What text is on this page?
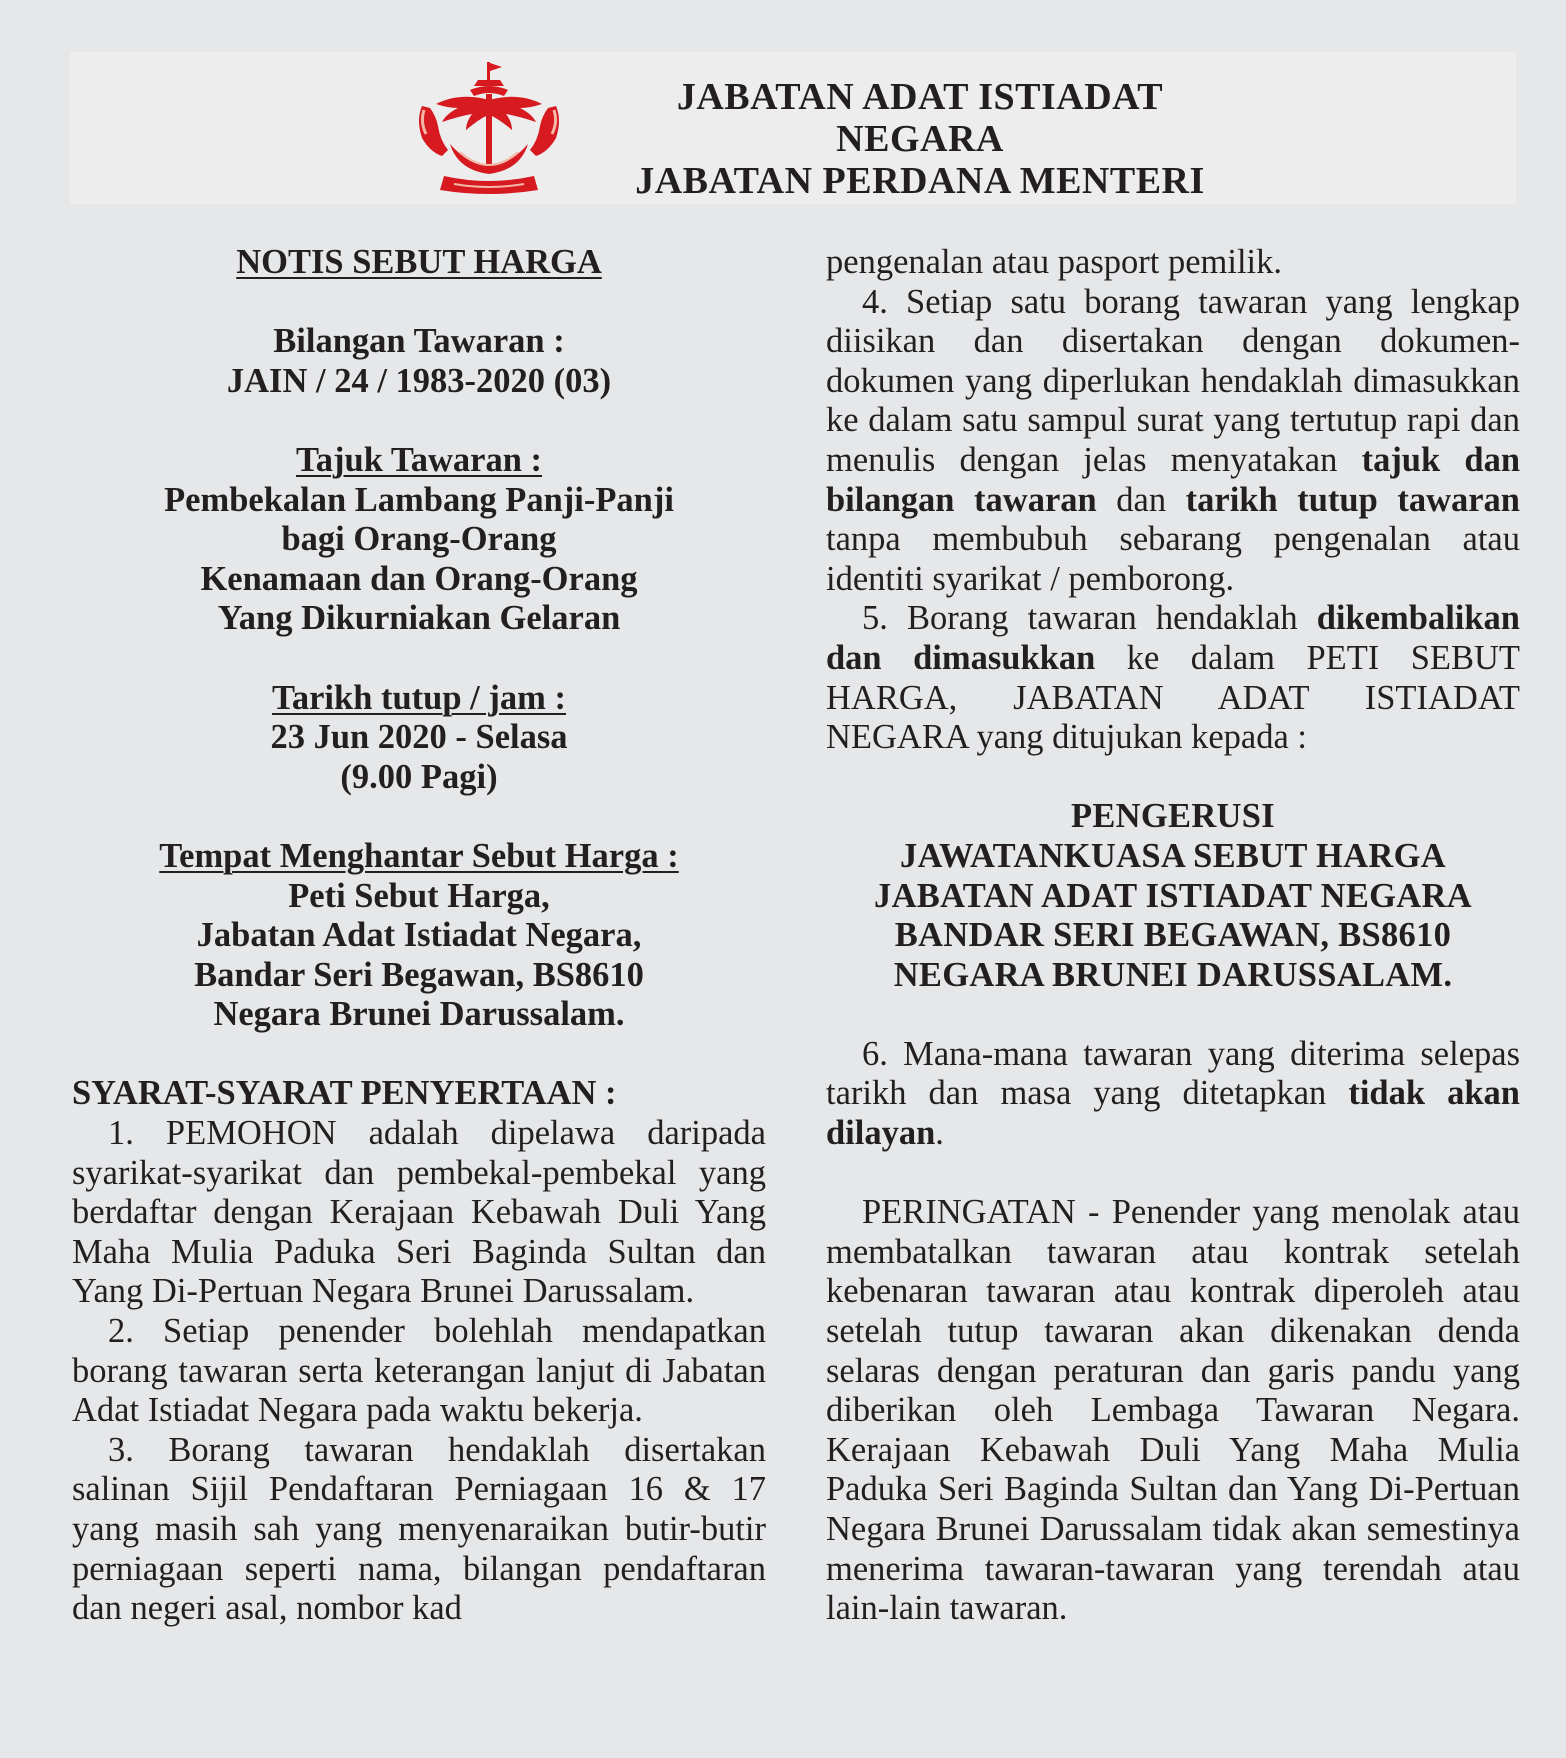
JABATAN ADAT ISTIADAT NEGARA
JABATAN PERDANA MENTERI
NOTIS SEBUT HARGA
Bilangan Tawaran :
JAIN / 24 / 1983-2020 (03)
Tajuk Tawaran :
Pembekalan Lambang Panji-Panji
bagi Orang-Orang
Kenamaan dan Orang-Orang
Yang Dikurniakan Gelaran
Tarikh tutup / jam :
23 Jun 2020 - Selasa
(9.00 Pagi)
Tempat Menghantar Sebut Harga :
Peti Sebut Harga,
Jabatan Adat Istiadat Negara,
Bandar Seri Begawan, BS8610
Negara Brunei Darussalam.
SYARAT-SYARAT PENYERTAAN :
1. PEMOHON adalah dipelawa daripada syarikat-syarikat dan pembekal-pembekal yang berdaftar dengan Kerajaan Kebawah Duli Yang Maha Mulia Paduka Seri Baginda Sultan dan Yang Di-Pertuan Negara Brunei Darussalam.
2. Setiap penender bolehlah mendapatkan borang tawaran serta keterangan lanjut di Jabatan Adat Istiadat Negara pada waktu bekerja.
3. Borang tawaran hendaklah disertakan salinan Sijil Pendaftaran Perniagaan 16 & 17 yang masih sah yang menyenaraikan butir-butir perniagaan seperti nama, bilangan pendaftaran dan negeri asal, nombor kad
pengenalan atau pasport pemilik.
4. Setiap satu borang tawaran yang lengkap diisikan dan disertakan dengan dokumen-dokumen yang diperlukan hendaklah dimasukkan ke dalam satu sampul surat yang tertutup rapi dan menulis dengan jelas menyatakan tajuk dan bilangan tawaran dan tarikh tutup tawaran tanpa membubuh sebarang pengenalan atau identiti syarikat / pemborong.
5. Borang tawaran hendaklah dikembalikan dan dimasukkan ke dalam PETI SEBUT HARGA, JABATAN ADAT ISTIADAT NEGARA yang ditujukan kepada :
PENGERUSI
JAWATANKUASA SEBUT HARGA
JABATAN ADAT ISTIADAT NEGARA
BANDAR SERI BEGAWAN, BS8610
NEGARA BRUNEI DARUSSALAM.
6. Mana-mana tawaran yang diterima selepas tarikh dan masa yang ditetapkan tidak akan dilayan.
PERINGATAN - Penender yang menolak atau membatalkan tawaran atau kontrak setelah kebenaran tawaran atau kontrak diperoleh atau setelah tutup tawaran akan dikenakan denda selaras dengan peraturan dan garis pandu yang diberikan oleh Lembaga Tawaran Negara. Kerajaan Kebawah Duli Yang Maha Mulia Paduka Seri Baginda Sultan dan Yang Di-Pertuan Negara Brunei Darussalam tidak akan semestinya menerima tawaran-tawaran yang terendah atau lain-lain tawaran.
